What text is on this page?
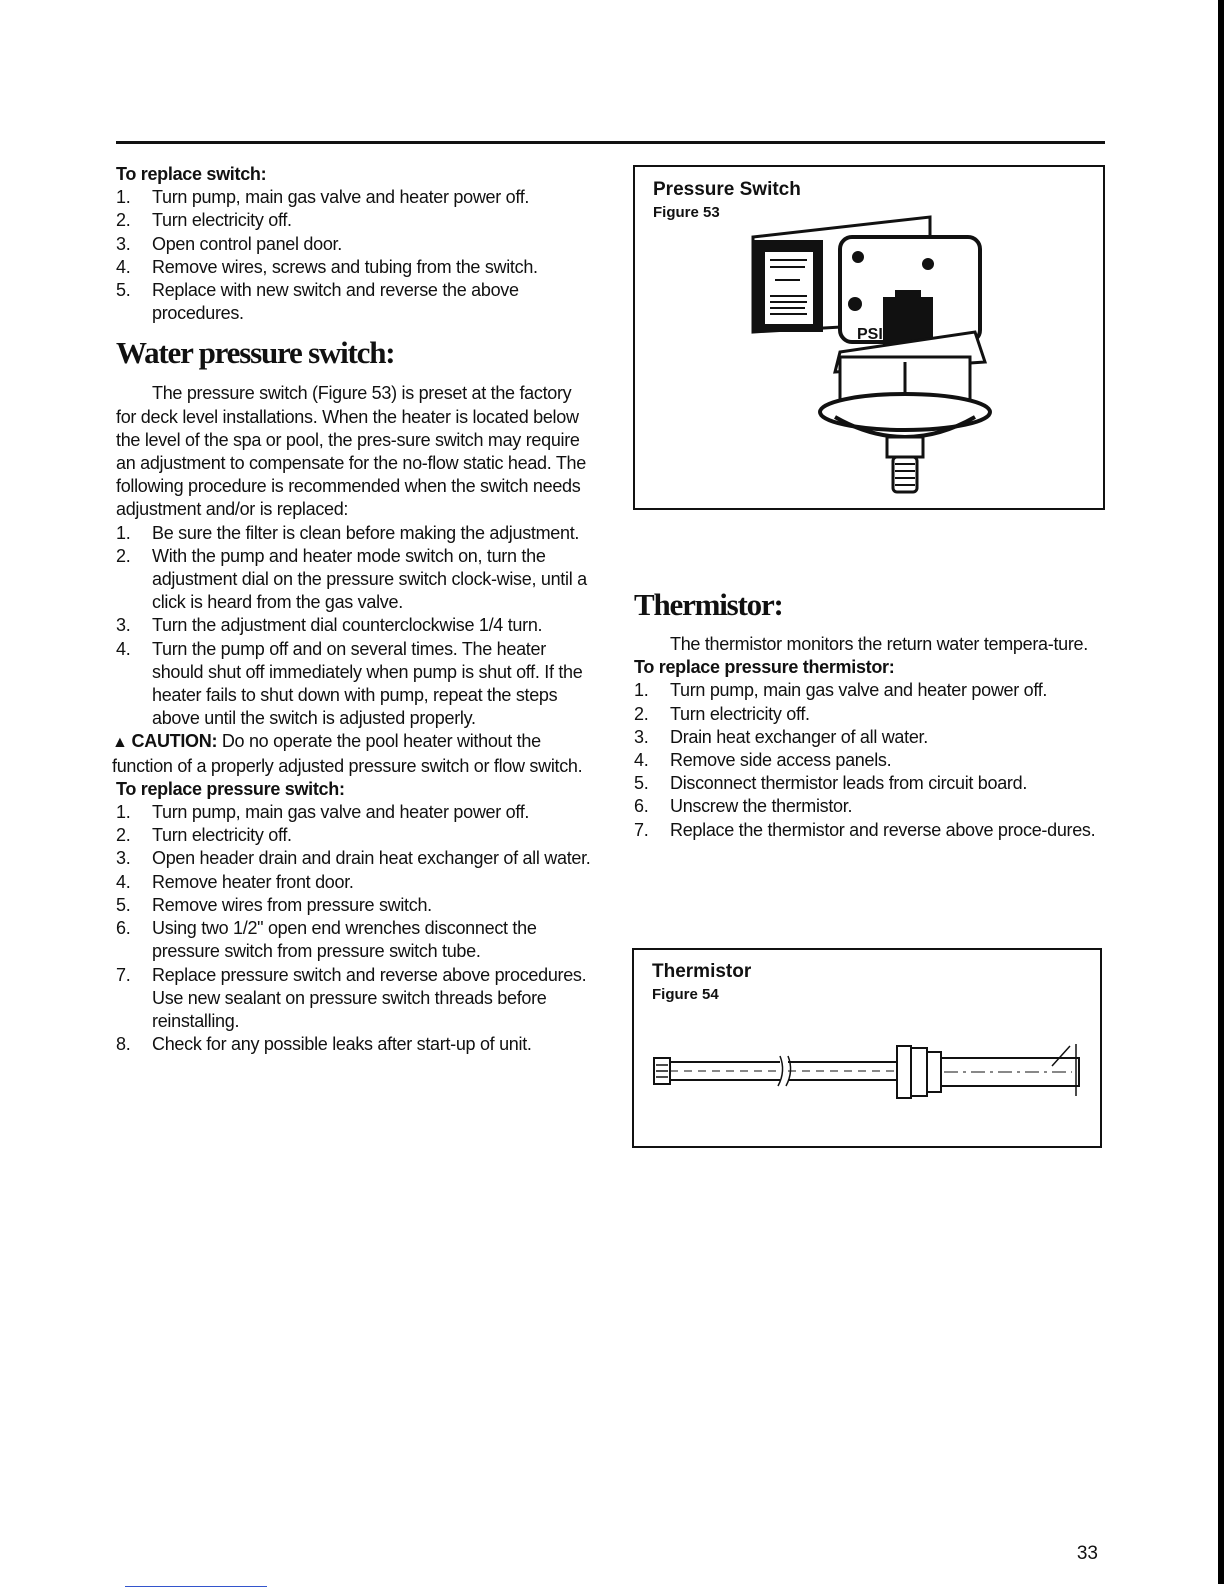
To replace switch:

1. Turn pump, main gas valve and heater power off.
2. Turn electricity off.
3. Open control panel door.
4. Remove wires, screws and tubing from the switch.
5. Replace with new switch and reverse the above procedures.
Water pressure switch:

The pressure switch (Figure 53) is preset at the factory for deck level installations. When the heater is located below the level of the spa or pool, the pres-sure switch may require an adjustment to compensate for the no-flow static head. The following procedure is recommended when the switch needs adjustment and/or is replaced:

1. Be sure the filter is clean before making the adjustment.
2. With the pump and heater mode switch on, turn the adjustment dial on the pressure switch clock-wise, until a click is heard from the gas valve.
3. Turn the adjustment dial counterclockwise 1/4 turn.
4. Turn the pump off and on several times. The heater should shut off immediately when pump is shut off. If the heater fails to shut down with pump, repeat the steps above until the switch is adjusted properly.

▲ CAUTION: Do no operate the pool heater without the function of a properly adjusted pressure switch or flow switch.

To replace pressure switch:

1. Turn pump, main gas valve and heater power off.
2. Turn electricity off.
3. Open header drain and drain heat exchanger of all water.
4. Remove heater front door.
5. Remove wires from pressure switch.
6. Using two 1/2" open end wrenches disconnect the pressure switch from pressure switch tube.
7. Replace pressure switch and reverse above procedures. Use new sealant on pressure switch threads before reinstalling.
8. Check for any possible leaks after start-up of unit.
Pressure Switch
Figure 53
PSI
Thermistor:

The thermistor monitors the return water tempera-ture.

To replace pressure thermistor:

1. Turn pump, main gas valve and heater power off.
2. Turn electricity off.
3. Drain heat exchanger of all water.
4. Remove side access panels.
5. Disconnect thermistor leads from circuit board.
6. Unscrew the thermistor.
7. Replace the thermistor and reverse above proce-dures.
Thermistor
Figure 54
33
